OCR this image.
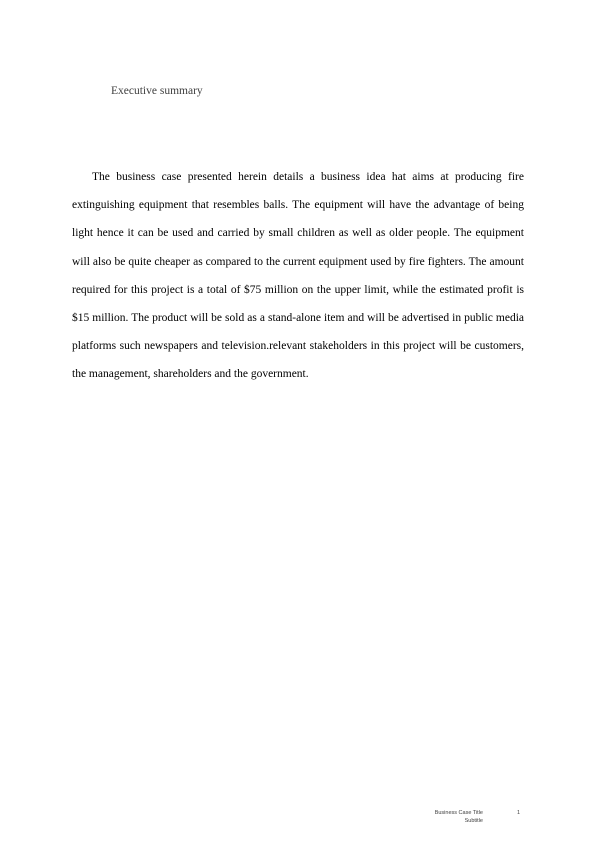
Executive summary

The business case presented herein details a business idea hat aims at producing fire extinguishing equipment that resembles balls. The equipment will have the advantage of being light hence it can be used and carried by small children as well as older people. The equipment will also be quite cheaper as compared to the current equipment used by fire fighters. The amount required for this project is a total of $75 million on the upper limit, while the estimated profit is $15 million. The product will be sold as a stand-alone item and will be advertised in public media platforms such newspapers and television.relevant stakeholders in this project will be customers, the management, shareholders and the government.

Business Case Title
Subtitle
1
